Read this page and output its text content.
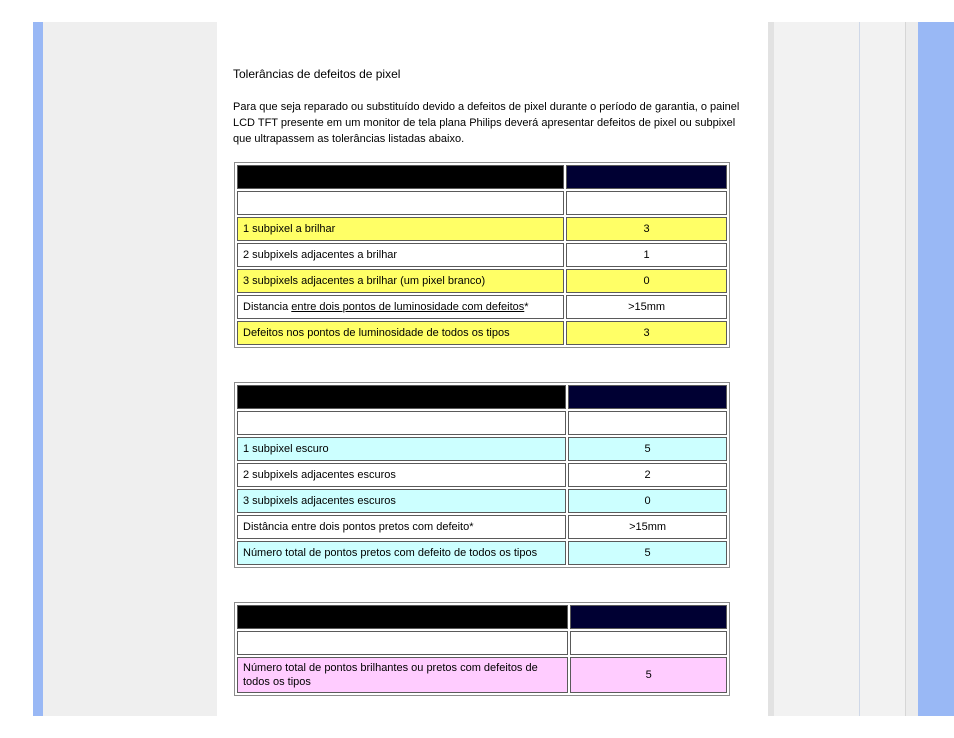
Tolerâncias de defeitos de pixel

Para que seja reparado ou substituído devido a defeitos de pixel durante o período de garantia, o painel LCD TFT presente em um monitor de tela plana Philips deverá apresentar defeitos de pixel ou subpixel que ultrapassem as tolerâncias listadas abaixo.

1 subpixel a brilhar	3
2 subpixels adjacentes a brilhar	1
3 subpixels adjacentes a brilhar (um pixel branco)	0
Distancia entre dois pontos de luminosidade com defeitos*	>15mm
Defeitos nos pontos de luminosidade de todos os tipos	3

1 subpixel escuro	5
2 subpixels adjacentes escuros	2
3 subpixels adjacentes escuros	0
Distância entre dois pontos pretos com defeito*	>15mm
Número total de pontos pretos com defeito de todos os tipos	5

Número total de pontos brilhantes ou pretos com defeitos de todos os tipos	5
